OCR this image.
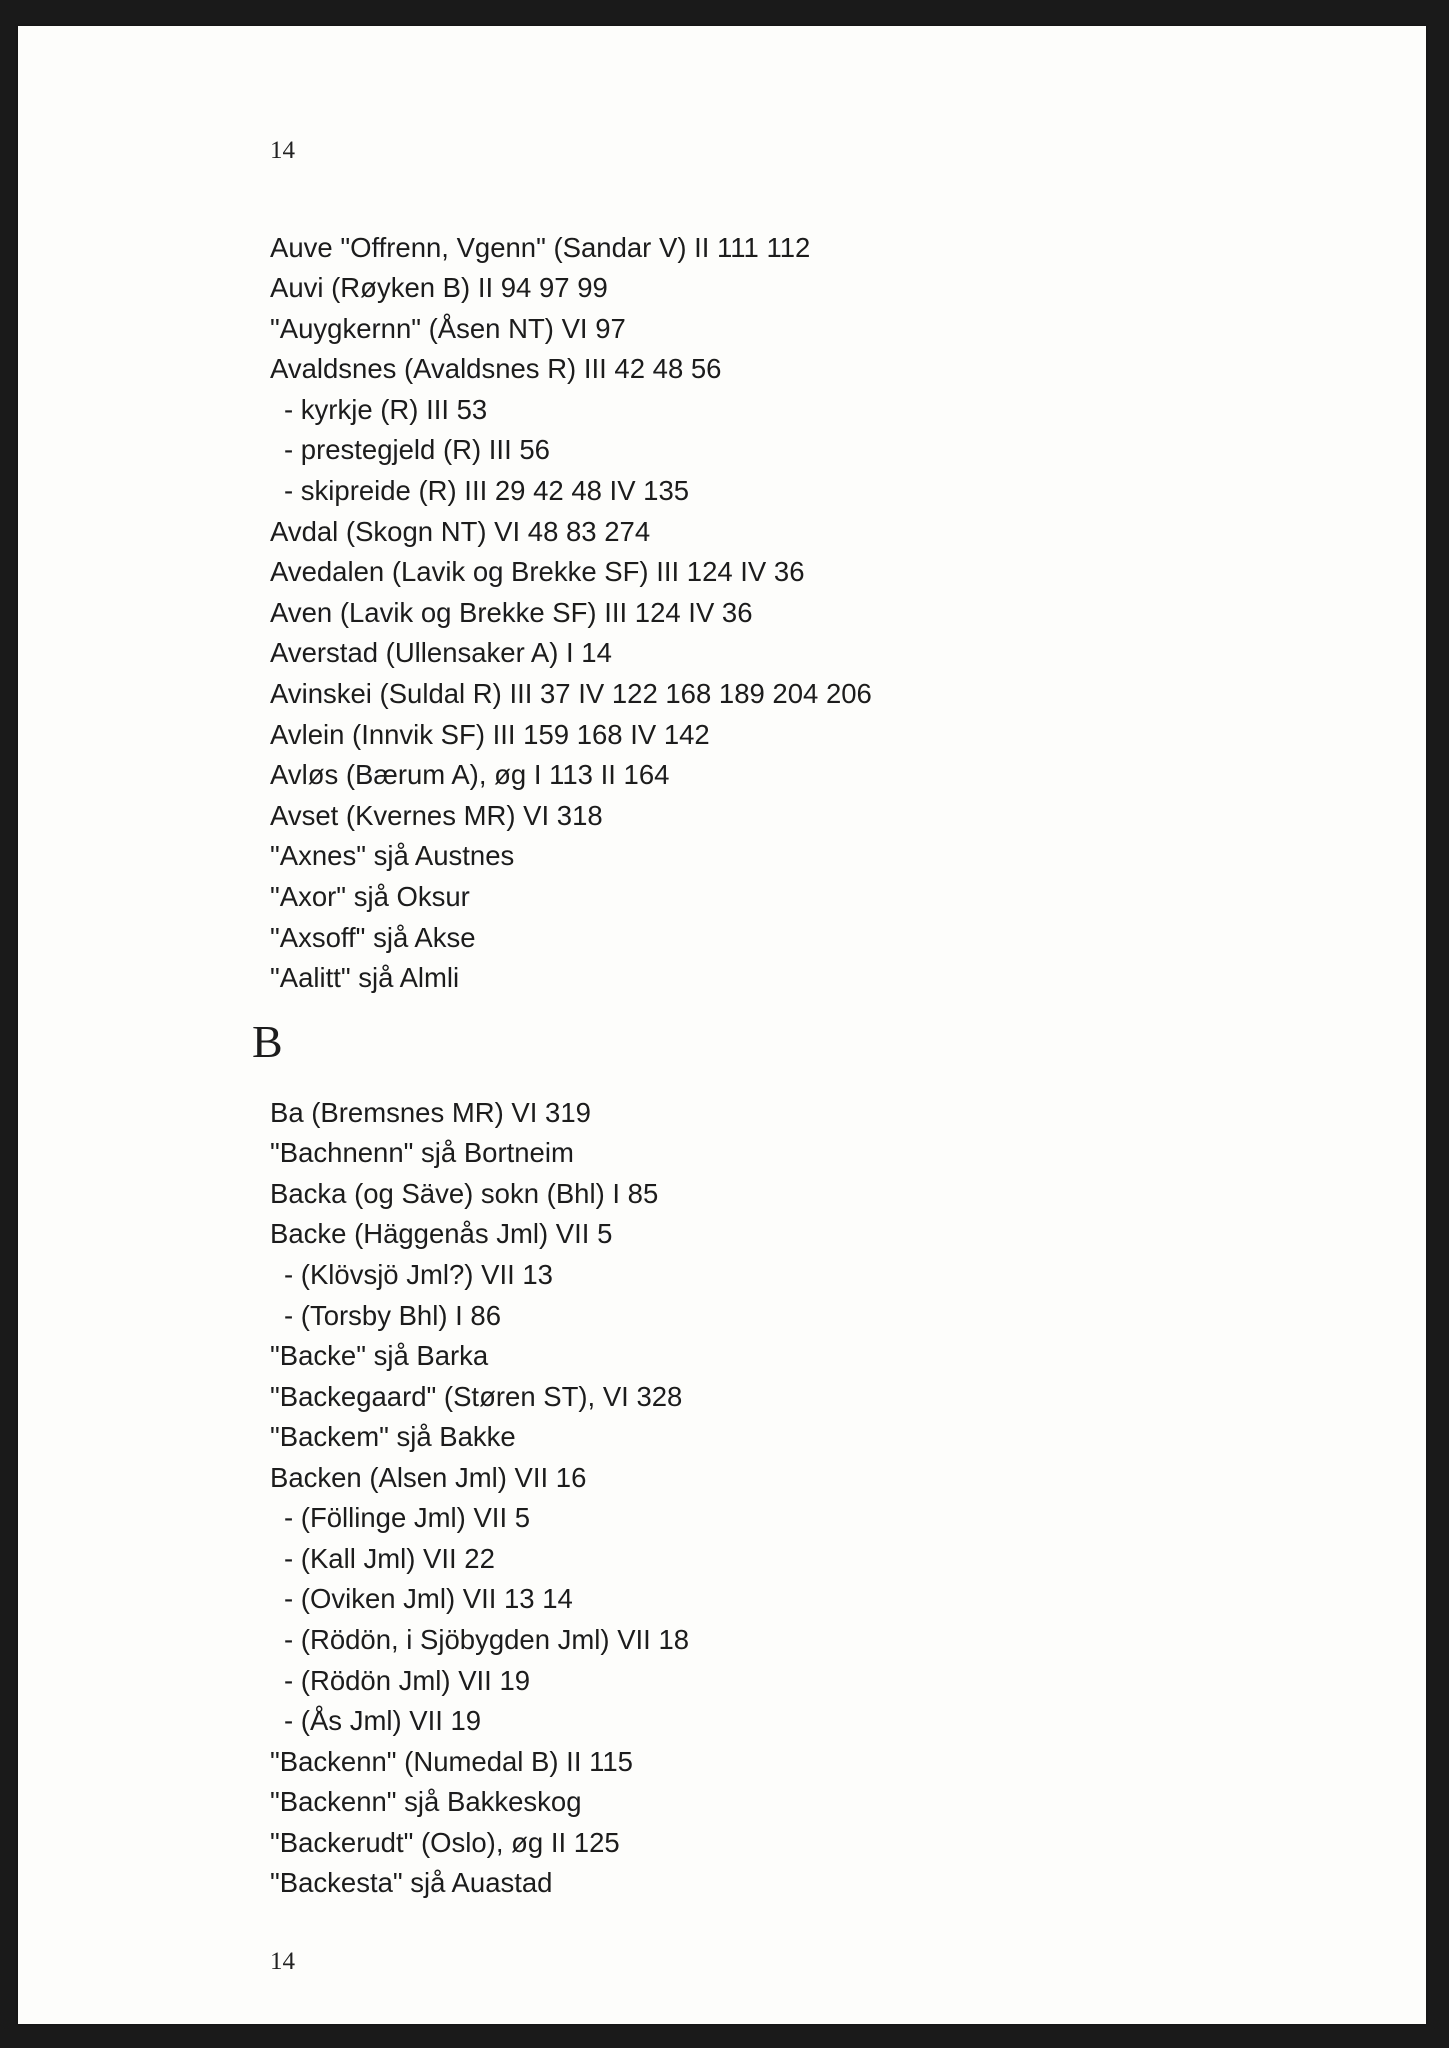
14
Auve "Offrenn, Vgenn" (Sandar V) II 111 112
Auvi (Røyken B) II 94 97 99
"Auygkernn" (Åsen NT) VI 97
Avaldsnes (Avaldsnes R) III 42 48 56
- kyrkje (R) III 53
- prestegjeld (R) III 56
- skipreide (R) III 29 42 48 IV 135
Avdal (Skogn NT) VI 48 83 274
Avedalen (Lavik og Brekke SF) III 124 IV 36
Aven (Lavik og Brekke SF) III 124 IV 36
Averstad (Ullensaker A) I 14
Avinskei (Suldal R) III 37 IV 122 168 189 204 206
Avlein (Innvik SF) III 159 168 IV 142
Avløs (Bærum A), øg I 113 II 164
Avset (Kvernes MR) VI 318
"Axnes" sjå Austnes
"Axor" sjå Oksur
"Axsoff" sjå Akse
"Aalitt" sjå Almli
Ba (Bremsnes MR) VI 319
"Bachnenn" sjå Bortneim
Backa (og Säve) sokn (Bhl) I 85
Backe (Häggenås Jml) VII 5
- (Klövsjö Jml?) VII 13
- (Torsby Bhl) I 86
"Backe" sjå Barka
"Backegaard" (Støren ST), VI 328
"Backem" sjå Bakke
Backen (Alsen Jml) VII 16
- (Föllinge Jml) VII 5
- (Kall Jml) VII 22
- (Oviken Jml) VII 13 14
- (Rödön, i Sjöbygden Jml) VII 18
- (Rödön Jml) VII 19
- (Ås Jml) VII 19
"Backenn" (Numedal B) II 115
"Backenn" sjå Bakkeskog
"Backerudt" (Oslo), øg II 125
"Backesta" sjå Auastad
14
B
